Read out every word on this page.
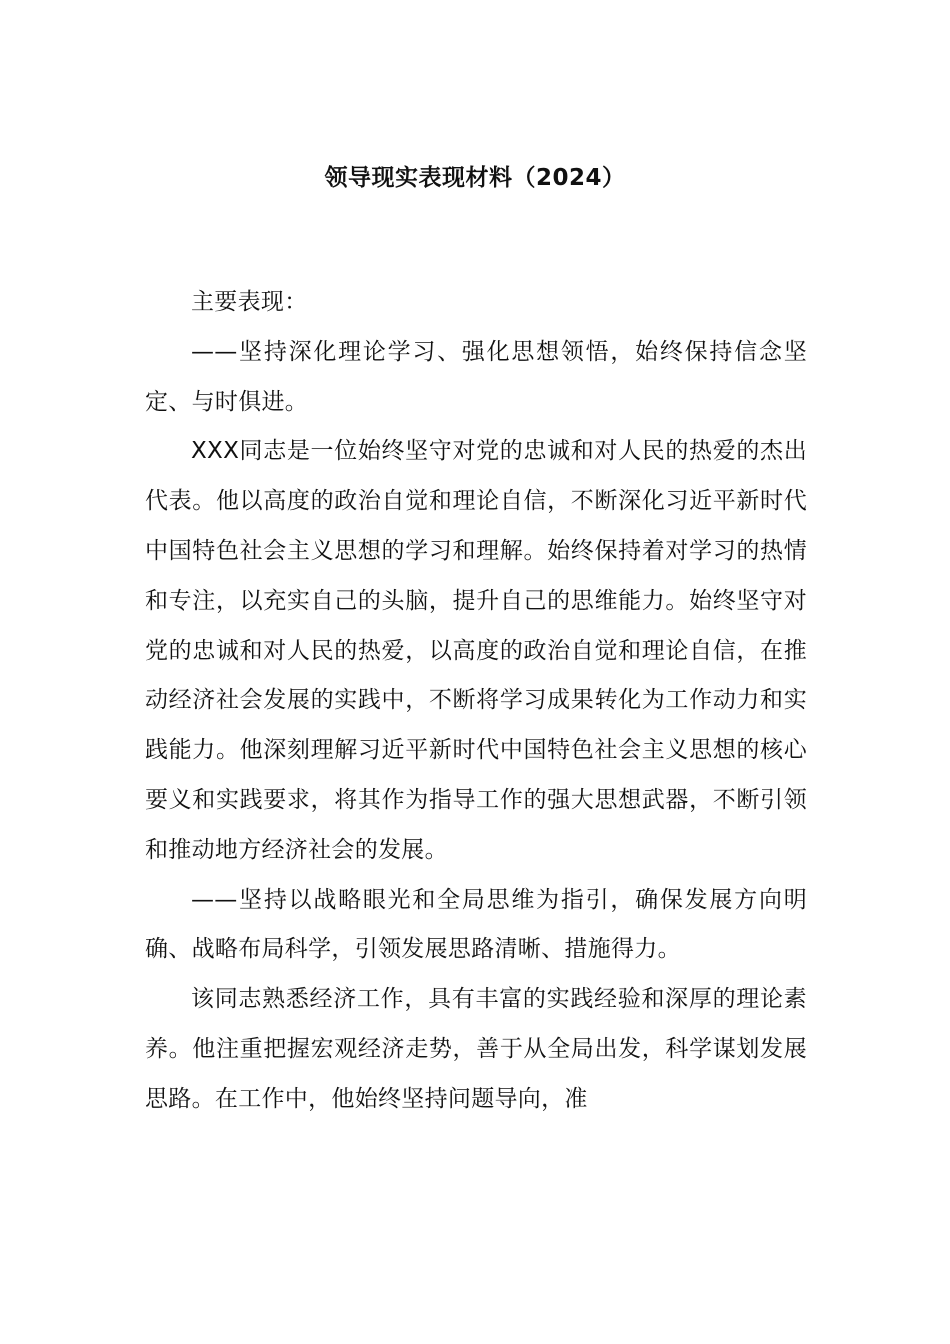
领导现实表现材料（2024）

主要表现：

——坚持深化理论学习、强化思想领悟，始终保持信念坚定、与时俱进。

XXX同志是一位始终坚守对党的忠诚和对人民的热爱的杰出代表。他以高度的政治自觉和理论自信，不断深化习近平新时代中国特色社会主义思想的学习和理解。始终保持着对学习的热情和专注，以充实自己的头脑，提升自己的思维能力。始终坚守对党的忠诚和对人民的热爱，以高度的政治自觉和理论自信，在推动经济社会发展的实践中，不断将学习成果转化为工作动力和实践能力。他深刻理解习近平新时代中国特色社会主义思想的核心要义和实践要求，将其作为指导工作的强大思想武器，不断引领和推动地方经济社会的发展。

——坚持以战略眼光和全局思维为指引，确保发展方向明确、战略布局科学，引领发展思路清晰、措施得力。

该同志熟悉经济工作，具有丰富的实践经验和深厚的理论素养。他注重把握宏观经济走势，善于从全局出发，科学谋划发展思路。在工作中，他始终坚持问题导向，准
